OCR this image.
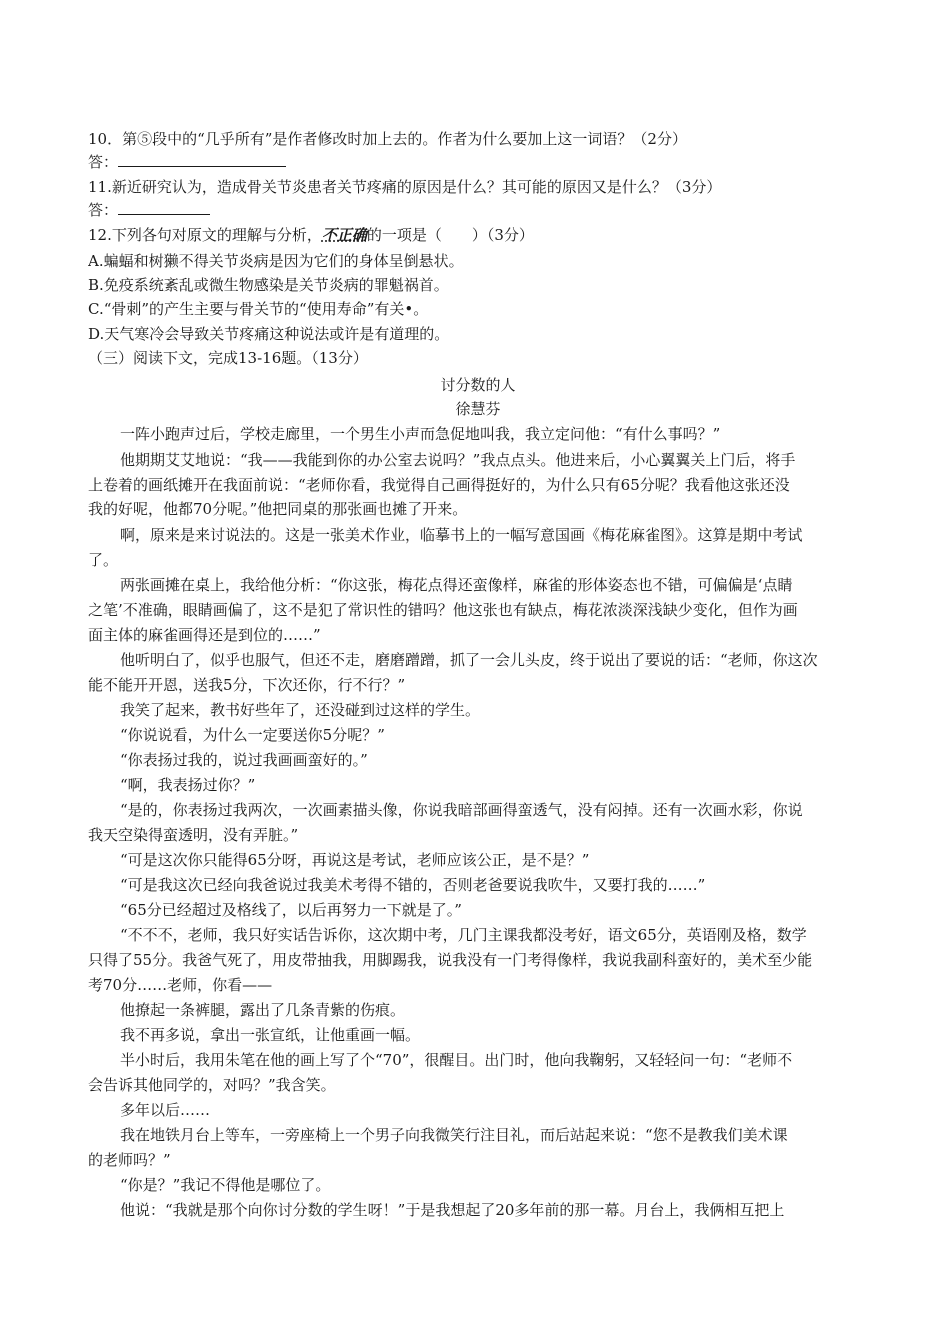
10．第⑤段中的“几乎所有”是作者修改时加上去的。作者为什么要加上这一词语？（2分）
答：
11.新近研究认为，造成骨关节炎患者关节疼痛的原因是什么？其可能的原因又是什么？（3分）
答：
12.下列各句对原文的理解与分析，不正确的一项是（　　）（3分）
A.蝙蝠和树獭不得关节炎病是因为它们的身体呈倒悬状。
B.免疫系统紊乱或微生物感染是关节炎病的罪魁祸首。
C.“骨刺”的产生主要与骨关节的“使用寿命”有关•。
D.天气寒冷会导致关节疼痛这种说法或许是有道理的。
（三）阅读下文，完成13-16题。（13分）
讨分数的人
徐慧芬
一阵小跑声过后，学校走廊里，一个男生小声而急促地叫我，我立定问他：“有什么事吗？”
他期期艾艾地说：“我——我能到你的办公室去说吗？”我点点头。他进来后，小心翼翼关上门后，将手
上卷着的画纸摊开在我面前说：“老师你看，我觉得自己画得挺好的，为什么只有65分呢？我看他这张还没
我的好呢，他都70分呢。”他把同桌的那张画也摊了开来。
啊，原来是来讨说法的。这是一张美术作业，临摹书上的一幅写意国画《梅花麻雀图》。这算是期中考试
了。
两张画摊在桌上，我给他分析：“你这张，梅花点得还蛮像样，麻雀的形体姿态也不错，可偏偏是‘点睛
之笔’不准确，眼睛画偏了，这不是犯了常识性的错吗？他这张也有缺点，梅花浓淡深浅缺少变化，但作为画
面主体的麻雀画得还是到位的……”
他听明白了，似乎也服气，但还不走，磨磨蹭蹭，抓了一会儿头皮，终于说出了要说的话：“老师，你这次
能不能开开恩，送我5分，下次还你，行不行？”
我笑了起来，教书好些年了，还没碰到过这样的学生。
“你说说看，为什么一定要送你5分呢？”
“你表扬过我的，说过我画画蛮好的。”
“啊，我表扬过你？”
“是的，你表扬过我两次，一次画素描头像，你说我暗部画得蛮透气，没有闷掉。还有一次画水彩，你说
我天空染得蛮透明，没有弄脏。”
“可是这次你只能得65分呀，再说这是考试，老师应该公正，是不是？”
“可是我这次已经向我爸说过我美术考得不错的，否则老爸要说我吹牛，又要打我的……”
“65分已经超过及格线了，以后再努力一下就是了。”
“不不不，老师，我只好实话告诉你，这次期中考，几门主课我都没考好，语文65分，英语刚及格，数学
只得了55分。我爸气死了，用皮带抽我，用脚踢我，说我没有一门考得像样，我说我副科蛮好的，美术至少能
考70分……老师，你看——
他撩起一条裤腿，露出了几条青紫的伤痕。
我不再多说，拿出一张宣纸，让他重画一幅。
半小时后，我用朱笔在他的画上写了个“70”，很醒目。出门时，他向我鞠躬，又轻轻问一句：“老师不
会告诉其他同学的，对吗？”我含笑。
多年以后……
我在地铁月台上等车，一旁座椅上一个男子向我微笑行注目礼，而后站起来说：“您不是教我们美术课
的老师吗？”
“你是？”我记不得他是哪位了。
他说：“我就是那个向你讨分数的学生呀！”于是我想起了20多年前的那一幕。月台上，我俩相互把上
